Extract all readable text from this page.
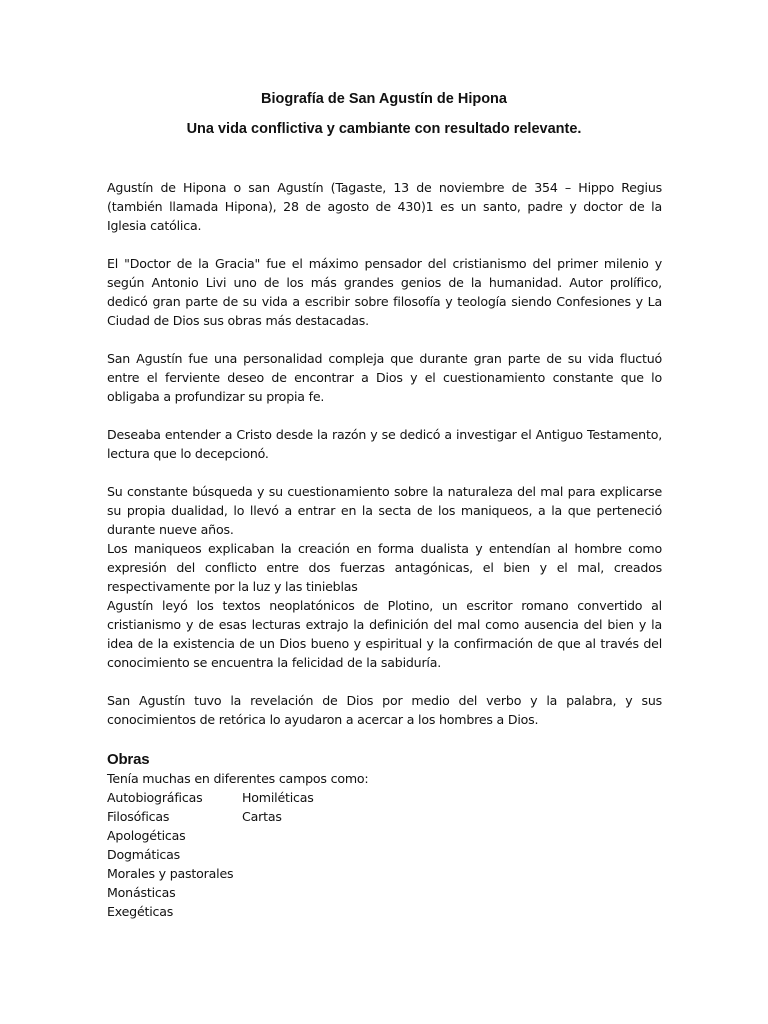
Biografía de San Agustín de Hipona
Una vida conflictiva y cambiante con resultado relevante.

Agustín de Hipona o san Agustín (Tagaste, 13 de noviembre de 354 – Hippo Regius (también llamada Hipona), 28 de agosto de 430)1 es un santo, padre y doctor de la Iglesia católica.

El "Doctor de la Gracia" fue el máximo pensador del cristianismo del primer milenio y según Antonio Livi uno de los más grandes genios de la humanidad. Autor prolífico, dedicó gran parte de su vida a escribir sobre filosofía y teología siendo Confesiones y La Ciudad de Dios sus obras más destacadas.

San Agustín fue una personalidad compleja que durante gran parte de su vida fluctuó entre el ferviente deseo de encontrar a Dios y el cuestionamiento constante que lo obligaba a profundizar su propia fe.

Deseaba entender a Cristo desde la razón y se dedicó a investigar el Antiguo Testamento, lectura que lo decepcionó.

Su constante búsqueda y su cuestionamiento sobre la naturaleza del mal para explicarse su propia dualidad, lo llevó a entrar en la secta de los maniqueos, a la que perteneció durante nueve años.

Los maniqueos explicaban la creación en forma dualista y entendían al hombre como expresión del conflicto entre dos fuerzas antagónicas, el bien y el mal, creados respectivamente por la luz y las tinieblas

Agustín leyó los textos neoplatónicos de Plotino, un escritor romano convertido al cristianismo y de esas lecturas extrajo la definición del mal como ausencia del bien y la idea de la existencia de un Dios bueno y espiritual y la confirmación de que al través del conocimiento se encuentra la felicidad de la sabiduría.

San Agustín tuvo la revelación de Dios por medio del verbo y la palabra, y sus conocimientos de retórica lo ayudaron a acercar a los hombres a Dios.

Obras

Tenía muchas en diferentes campos como:

Autobiográficas	Homiléticas
Filosóficas	Cartas
Apologéticas
Dogmáticas
Morales y pastorales
Monásticas
Exegéticas
